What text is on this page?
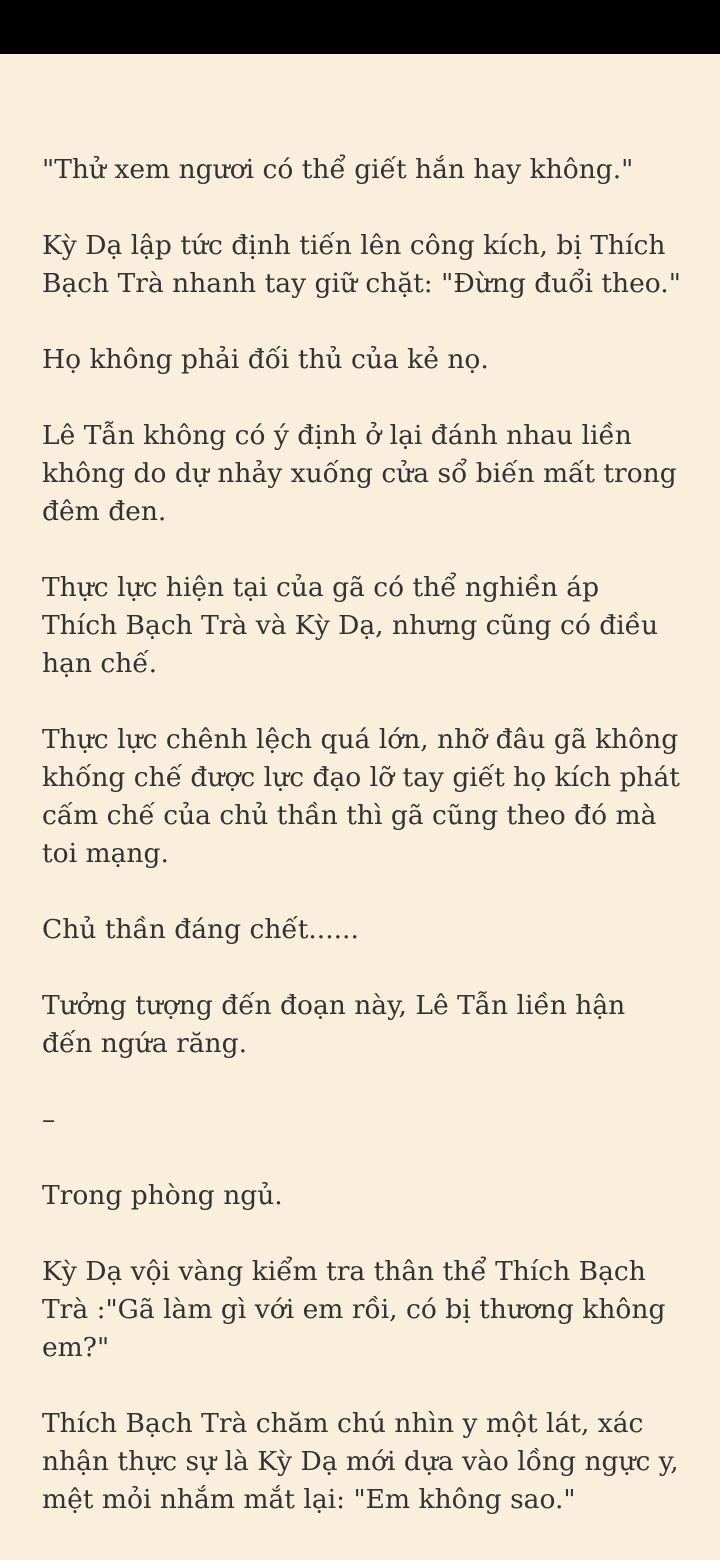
"Thử xem ngươi có thể giết hắn hay không."

Kỳ Dạ lập tức định tiến lên công kích, bị Thích Bạch Trà nhanh tay giữ chặt: "Đừng đuổi theo."

Họ không phải đối thủ của kẻ nọ.

Lê Tẫn không có ý định ở lại đánh nhau liền không do dự nhảy xuống cửa sổ biến mất trong đêm đen.

Thực lực hiện tại của gã có thể nghiền áp Thích Bạch Trà và Kỳ Dạ, nhưng cũng có điều hạn chế.

Thực lực chênh lệch quá lớn, nhỡ đâu gã không khống chế được lực đạo lỡ tay giết họ kích phát cấm chế của chủ thần thì gã cũng theo đó mà toi mạng.

Chủ thần đáng chết......

Tưởng tượng đến đoạn này, Lê Tẫn liền hận đến ngứa răng.

–

Trong phòng ngủ.

Kỳ Dạ vội vàng kiểm tra thân thể Thích Bạch Trà :"Gã làm gì với em rồi, có bị thương không em?"

Thích Bạch Trà chăm chú nhìn y một lát, xác nhận thực sự là Kỳ Dạ mới dựa vào lồng ngực y, mệt mỏi nhắm mắt lại: "Em không sao."
